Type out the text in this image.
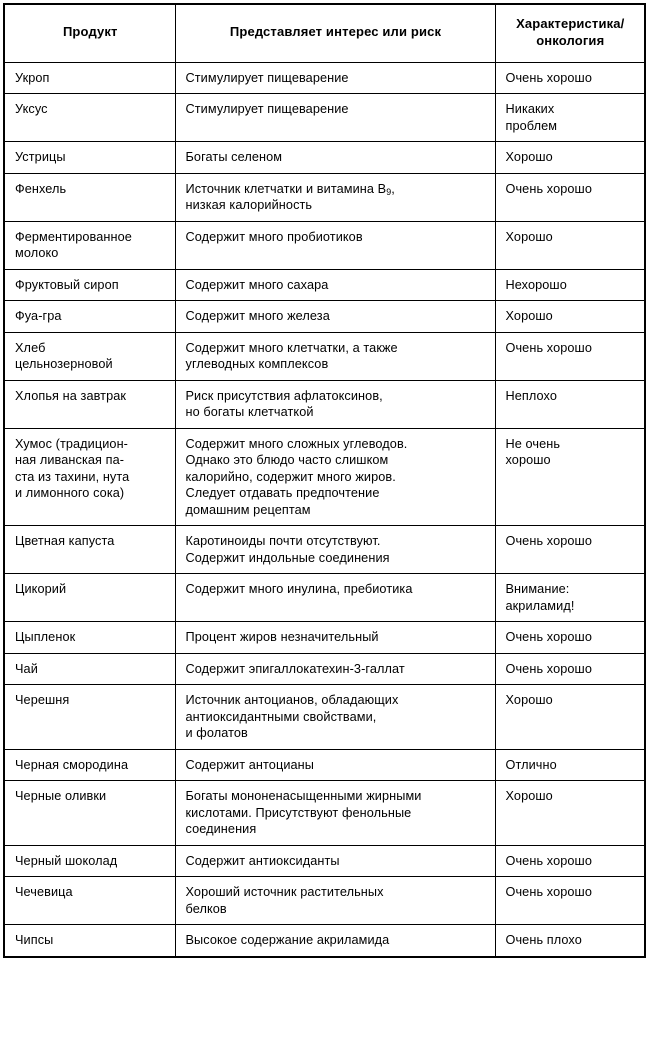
Продукт	Представляет интерес или риск	Характеристика/
онкология

Укроп	Стимулирует пищеварение	Очень хорошо

Уксус	Стимулирует пищеварение	Никаких
проблем

Устрицы	Богаты селеном	Хорошо

Фенхель	Источник клетчатки и витамина $B_9$,
низкая калорийность	Очень хорошо

Ферментированное
молоко	Содержит много пробиотиков	Хорошо

Фруктовый сироп	Содержит много сахара	Нехорошо

Фуа-гра	Содержит много железа	Хорошо

Хлеб
цельнозерновой	Содержит много клетчатки, а также
углеводных комплексов	Очень хорошо

Хлопья на завтрак	Риск присутствия афлатоксинов,
но богаты клетчаткой	Неплохо

Хумос (традицион-
ная ливанская па-
ста из тахини, нута
и лимонного сока)	Содержит много сложных углеводов.
Однако это блюдо часто слишком
калорийно, содержит много жиров.
Следует отдавать предпочтение
домашним рецептам	Не очень
хорошо

Цветная капуста	Каротиноиды почти отсутствуют.
Содержит индольные соединения	Очень хорошо

Цикорий	Содержит много инулина, пребиотика	Внимание:
акриламид!

Цыпленок	Процент жиров незначительный	Очень хорошо

Чай	Содержит эпигаллокатехин-3-галлат	Очень хорошо

Черешня	Источник антоцианов, обладающих
антиоксидантными свойствами,
и фолатов	Хорошо

Черная смородина	Содержит антоцианы	Отлично

Черные оливки	Богаты мононенасыщенными жирными
кислотами. Присутствуют фенольные
соединения	Хорошо

Черный шоколад	Содержит антиоксиданты	Очень хорошо

Чечевица	Хороший источник растительных
белков	Очень хорошо

Чипсы	Высокое содержание акриламида	Очень плохо
